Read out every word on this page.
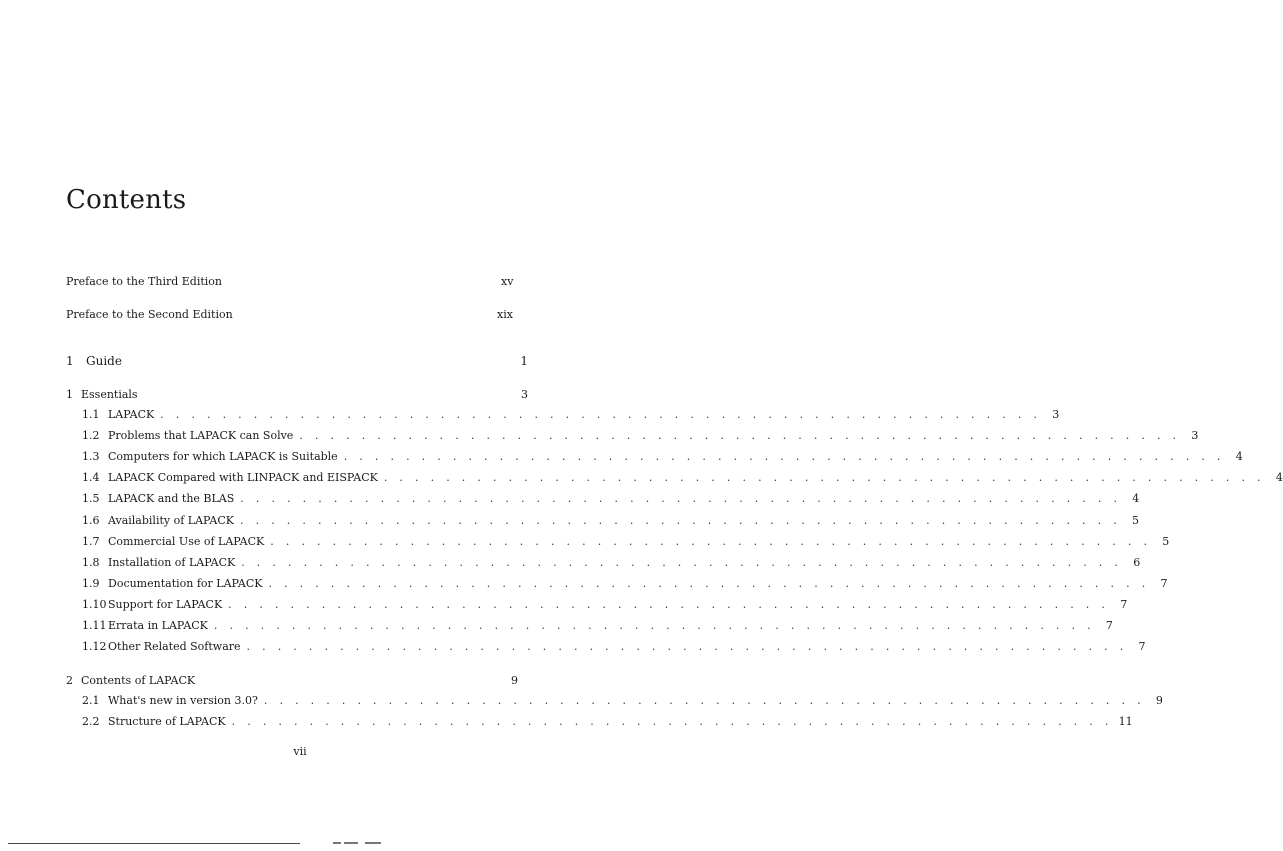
Contents
Preface to the Third Edition	xv
Preface to the Second Edition	xix
1 Guide	1
1 Essentials	3
1.1 LAPACK . . . . . . . . . . . . . . . . . . . . . . . . . . . . . . . . . . . . . . . . . . . . . . . . . . . . . . . . .	3
1.2 Problems that LAPACK can Solve . . . . . . . . . . . . . . . . . . . . . . . . . . . . . . . . . . . . . . . . . . . . . . . . . . . . . . . . .	3
1.3 Computers for which LAPACK is Suitable . . . . . . . . . . . . . . . . . . . . . . . . . . . . . . . . . . . . . . . . . . . . . . . . . . . . . . . . .	4
1.4 LAPACK Compared with LINPACK and EISPACK . . . . . . . . . . . . . . . . . . . . . . . . . . . . . . . . . . . . . . . . . . . . . . . . . . . . . . . . .	4
1.5 LAPACK and the BLAS . . . . . . . . . . . . . . . . . . . . . . . . . . . . . . . . . . . . . . . . . . . . . . . . . . . . . . . . .	4
1.6 Availability of LAPACK . . . . . . . . . . . . . . . . . . . . . . . . . . . . . . . . . . . . . . . . . . . . . . . . . . . . . . . . .	5
1.7 Commercial Use of LAPACK . . . . . . . . . . . . . . . . . . . . . . . . . . . . . . . . . . . . . . . . . . . . . . . . . . . . . . . . .	5
1.8 Installation of LAPACK . . . . . . . . . . . . . . . . . . . . . . . . . . . . . . . . . . . . . . . . . . . . . . . . . . . . . . . . .	6
1.9 Documentation for LAPACK . . . . . . . . . . . . . . . . . . . . . . . . . . . . . . . . . . . . . . . . . . . . . . . . . . . . . . . . .	7
1.10 Support for LAPACK . . . . . . . . . . . . . . . . . . . . . . . . . . . . . . . . . . . . . . . . . . . . . . . . . . . . . . . . .	7
1.11 Errata in LAPACK . . . . . . . . . . . . . . . . . . . . . . . . . . . . . . . . . . . . . . . . . . . . . . . . . . . . . . . . .	7
1.12 Other Related Software . . . . . . . . . . . . . . . . . . . . . . . . . . . . . . . . . . . . . . . . . . . . . . . . . . . . . . . . .	7
2 Contents of LAPACK	9
2.1 What's new in version 3.0? . . . . . . . . . . . . . . . . . . . . . . . . . . . . . . . . . . . . . . . . . . . . . . . . . . . . . . . . .	9
2.2 Structure of LAPACK . . . . . . . . . . . . . . . . . . . . . . . . . . . . . . . . . . . . . . . . . . . . . . . . . . . . . . . . . 11
vii
